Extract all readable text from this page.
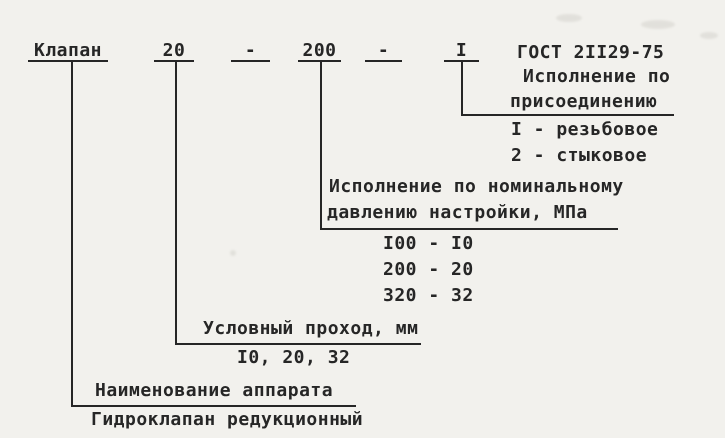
Клапан	20	-	200	-	I	ГОСТ 2II29-75
Исполнение по
присоединению
I - резьбовое
2 - стыковое
Исполнение по номинальному
давлению настройки, МПа
I00 - I0
200 - 20
320 - 32
Условный проход, мм
I0, 20, 32
Наименование аппарата
Гидроклапан редукционный
